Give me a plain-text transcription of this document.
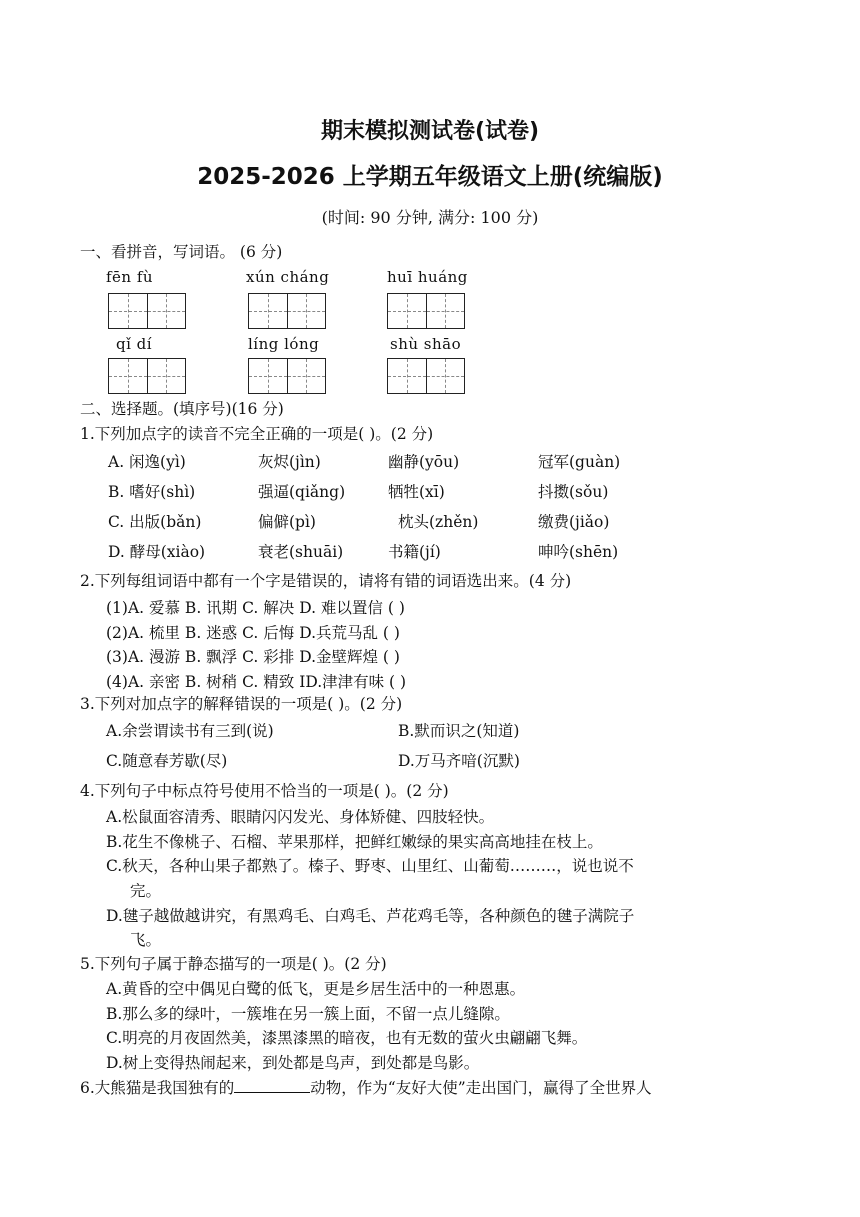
期末模拟测试卷(试卷)
2025-2026 上学期五年级语文上册(统编版)
(时间: 90 分钟, 满分: 100 分)
一、看拼音，写词语。 (6 分)
fēn fù	xún cháng	huī huáng
qǐ dí	líng lóng	shù shāo
二、选择题。(填序号)(16 分)
1.下列加点字的读音不完全正确的一项是( )。(2 分)
A. 闲逸(yì)	灰烬(jìn)	幽静(yōu)	冠军(guàn)
B. 嗜好(shì)	强逼(qiǎng)	牺牲(xī)	抖擞(sǒu)
C. 出版(bǎn)	偏僻(pì)	枕头(zhěn)	缴费(jiǎo)
D. 酵母(xiào)	衰老(shuāi)	书籍(jí)	呻吟(shēn)
2.下列每组词语中都有一个字是错误的，请将有错的词语选出来。(4 分)
(1)A. 爱慕 B. 讯期 C. 解决 D. 难以置信 ( )
(2)A. 梳里 B. 迷惑 C. 后悔 D.兵荒马乱 ( )
(3)A. 漫游 B. 飘浮 C. 彩排 D.金壁辉煌 ( )
(4)A. 亲密 B. 树稍 C. 精致 ID.津津有味 ( )
3.下列对加点字的解释错误的一项是( )。(2 分)
A.余尝谓读书有三到(说)	B.默而识之(知道)
C.随意春芳歇(尽)	D.万马齐喑(沉默)
4.下列句子中标点符号使用不恰当的一项是( )。(2 分)
A.松鼠面容清秀、眼睛闪闪发光、身体矫健、四肢轻快。
B.花生不像桃子、石榴、苹果那样，把鲜红嫩绿的果实高高地挂在枝上。
C.秋天，各种山果子都熟了。榛子、野枣、山里红、山葡萄………，说也说不
完。
D.毽子越做越讲究，有黑鸡毛、白鸡毛、芦花鸡毛等，各种颜色的毽子满院子
飞。
5.下列句子属于静态描写的一项是( )。(2 分)
A.黄昏的空中偶见白鹭的低飞，更是乡居生活中的一种恩惠。
B.那么多的绿叶，一簇堆在另一簇上面，不留一点儿缝隙。
C.明亮的月夜固然美，漆黑漆黑的暗夜，也有无数的萤火虫翩翩飞舞。
D.树上变得热闹起来，到处都是鸟声，到处都是鸟影。
6.大熊猫是我国独有的	动物，作为“友好大使”走出国门，赢得了全世界人
